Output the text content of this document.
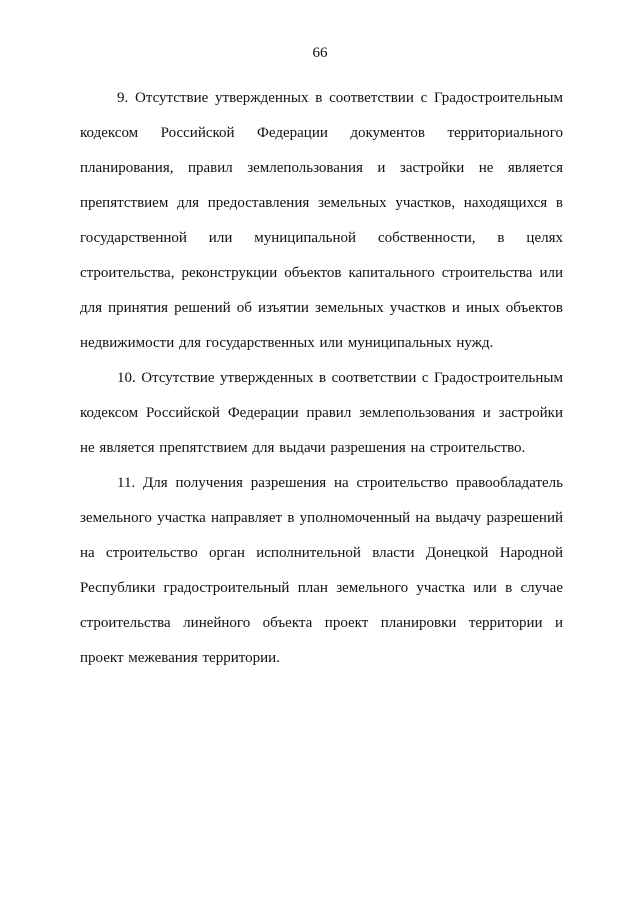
66

9. Отсутствие утвержденных в соответствии с Градостроительным кодексом Российской Федерации документов территориального планирования, правил землепользования и застройки не является препятствием для предоставления земельных участков, находящихся в государственной или муниципальной собственности, в целях строительства, реконструкции объектов капитального строительства или для принятия решений об изъятии земельных участков и иных объектов недвижимости для государственных или муниципальных нужд.

10. Отсутствие утвержденных в соответствии с Градостроительным кодексом Российской Федерации правил землепользования и застройки не является препятствием для выдачи разрешения на строительство.

11. Для получения разрешения на строительство правообладатель земельного участка направляет в уполномоченный на выдачу разрешений на строительство орган исполнительной власти Донецкой Народной Республики градостроительный план земельного участка или в случае строительства линейного объекта проект планировки территории и проект межевания территории.
